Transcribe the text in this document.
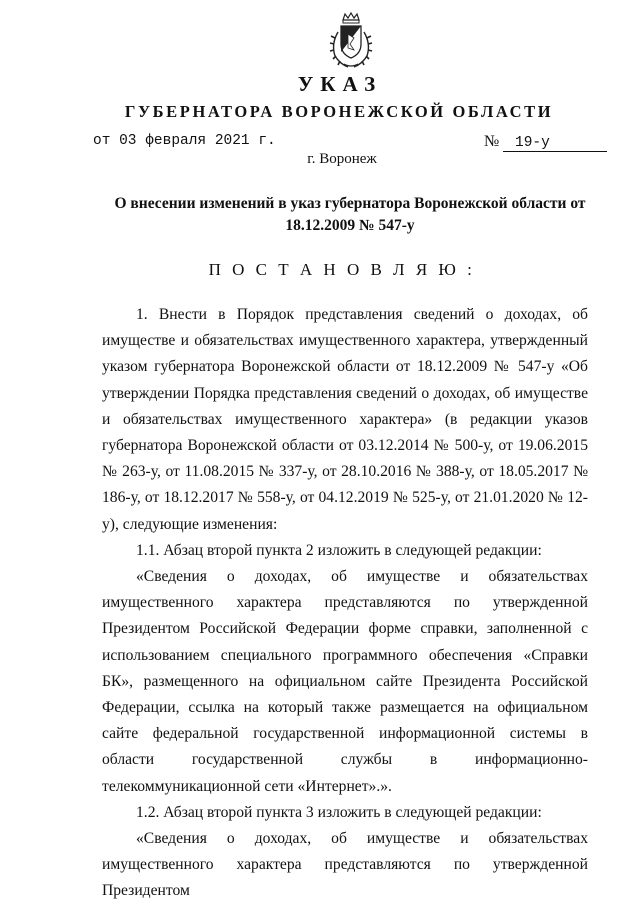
УКАЗ
ГУБЕРНАТОРА ВОРОНЕЖСКОЙ ОБЛАСТИ
от 03 февраля 2021 г.	№ 19-у
г. Воронеж
О внесении изменений в указ губернатора Воронежской области от 18.12.2009 № 547-у
П О С Т А Н О В Л Я Ю :

1. Внести в Порядок представления сведений о доходах, об имуществе и обязательствах имущественного характера, утвержденный указом губернатора Воронежской области от 18.12.2009 № 547-у «Об утверждении Порядка представления сведений о доходах, об имуществе и обязательствах имущественного характера» (в редакции указов губернатора Воронежской области от 03.12.2014 № 500-у, от 19.06.2015 № 263-у, от 11.08.2015 № 337-у, от 28.10.2016 № 388-у, от 18.05.2017 № 186-у, от 18.12.2017 № 558-у, от 04.12.2019 № 525-у, от 21.01.2020 № 12-у), следующие изменения:

1.1. Абзац второй пункта 2 изложить в следующей редакции:

«Сведения о доходах, об имуществе и обязательствах имущественного характера представляются по утвержденной Президентом Российской Федерации форме справки, заполненной с использованием специального программного обеспечения «Справки БК», размещенного на официальном сайте Президента Российской Федерации, ссылка на который также размещается на официальном сайте федеральной государственной информационной системы в области государственной службы в информационно-телекоммуникационной сети «Интернет».».

1.2. Абзац второй пункта 3 изложить в следующей редакции:

«Сведения о доходах, об имуществе и обязательствах имущественного характера представляются по утвержденной Президентом
